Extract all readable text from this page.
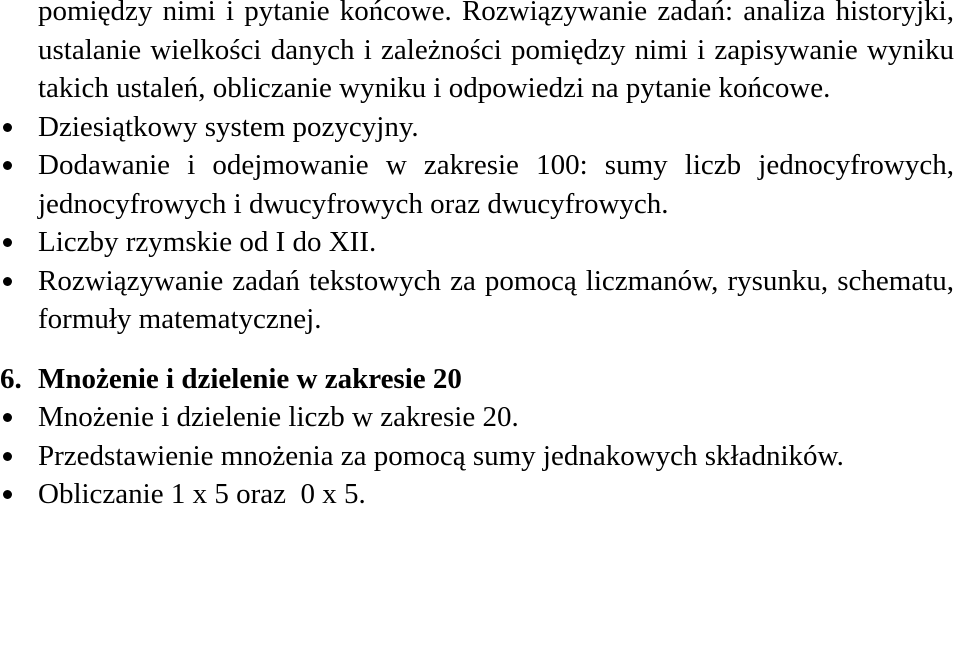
pomiędzy nimi i pytanie końcowe. Rozwiązywanie zadań: analiza historyjki, ustalanie wielkości danych i zależności pomiędzy nimi i zapisywanie wyniku takich ustaleń, obliczanie wyniku i odpowiedzi na pytanie końcowe.

Dziesiątkowy system pozycyjny.
Dodawanie i odejmowanie w zakresie 100: sumy liczb jednocyfrowych, jednocyfrowych i dwucyfrowych oraz dwucyfrowych.
Liczby rzymskie od I do XII.
Rozwiązywanie zadań tekstowych za pomocą liczmanów, rysunku, schematu, formuły matematycznej.
6. Mnożenie i dzielenie w zakresie 20
Mnożenie i dzielenie liczb w zakresie 20.
Przedstawienie mnożenia za pomocą sumy jednakowych składników.
Obliczanie 1 x 5 oraz  0 x 5.
